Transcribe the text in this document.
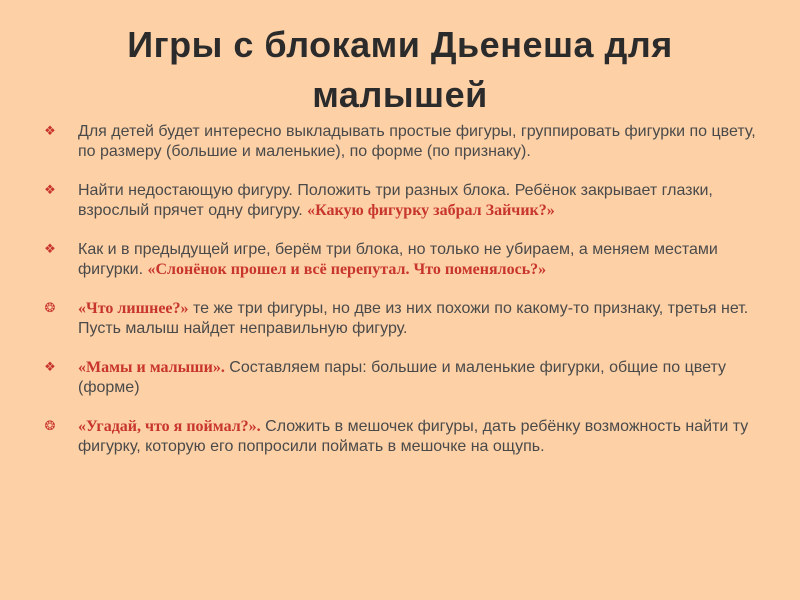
Игры с блоками Дьенеша для малышей
❖ Для детей будет интересно выкладывать простые фигуры, группировать фигурки по цвету, по размеру (большие и маленькие), по форме (по признаку).
❖ Найти недостающую фигуру. Положить три разных блока. Ребёнок закрывает глазки, взрослый прячет одну фигуру. «Какую фигурку забрал Зайчик?»
❖ Как и в предыдущей игре, берём три блока, но только не убираем, а меняем местами фигурки. «Слонёнок прошел и всё перепутал. Что поменялось?»
❂ «Что лишнее?» те же три фигуры, но две из них похожи по какому-то признаку, третья нет. Пусть малыш найдет неправильную фигуру.
❖ «Мамы и малыши». Составляем пары: большие и маленькие фигурки, общие по цвету (форме)
❂ «Угадай, что я поймал?». Сложить в мешочек фигуры, дать ребёнку возможность найти ту фигурку, которую его попросили поймать в мешочке на ощупь.
